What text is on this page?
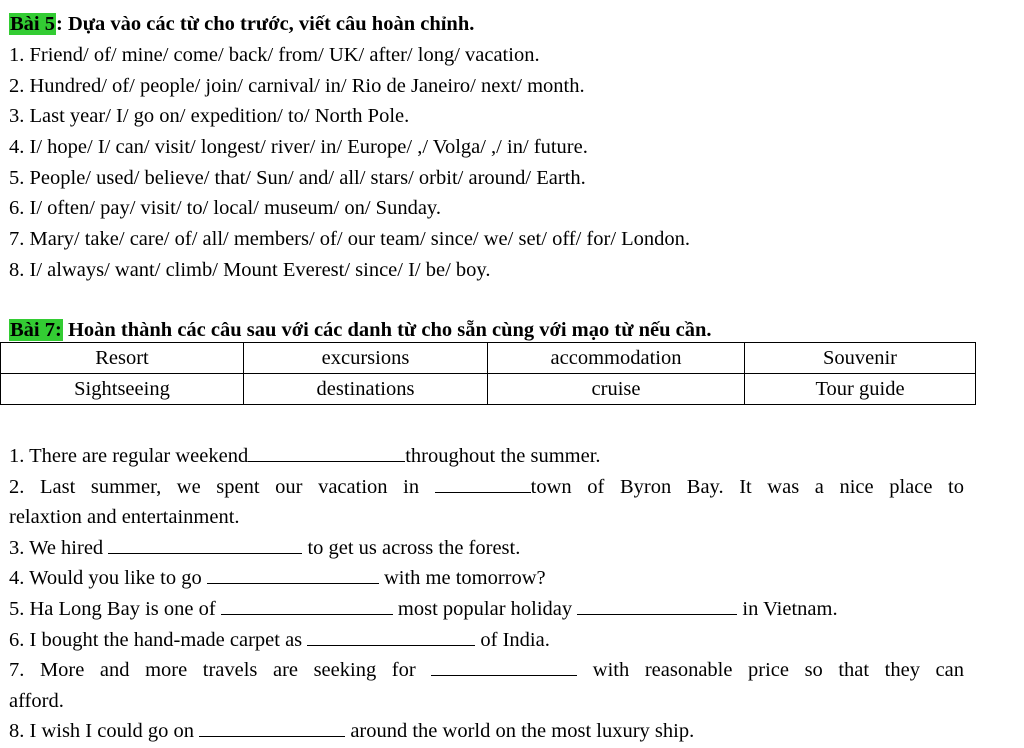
Bài 5: Dựa vào các từ cho trước, viết câu hoàn chỉnh.
1. Friend/ of/ mine/ come/ back/ from/ UK/ after/ long/ vacation.
2. Hundred/ of/ people/ join/ carnival/ in/ Rio de Janeiro/ next/ month.
3. Last year/ I/ go on/ expedition/ to/ North Pole.
4. I/ hope/ I/ can/ visit/ longest/ river/ in/ Europe/ ,/ Volga/ ,/ in/ future.
5. People/ used/ believe/ that/ Sun/ and/ all/ stars/ orbit/ around/ Earth.
6. I/ often/ pay/ visit/ to/ local/ museum/ on/ Sunday.
7. Mary/ take/ care/ of/ all/ members/ of/ our team/ since/ we/ set/ off/ for/ London.
8. I/ always/ want/ climb/ Mount Everest/ since/ I/ be/ boy.
Bài 7: Hoàn thành các câu sau với các danh từ cho sẵn cùng với mạo từ nếu cần.
Resort	excursions	accommodation	Souvenir
Sightseeing	destinations	cruise	Tour guide
1. There are regular weekend	throughout the summer.
2. Last summer, we spent our vacation in	town of Byron Bay. It was a nice place to
relaxtion and entertainment.
3. We hired	to get us across the forest.
4. Would you like to go	with me tomorrow?
5. Ha Long Bay is one of	most popular holiday	in Vietnam.
6. I bought the hand-made carpet as	of India.
7. More and more travels are seeking for	with reasonable price so that they can
afford.
8. I wish I could go on	around the world on the most luxury ship.
